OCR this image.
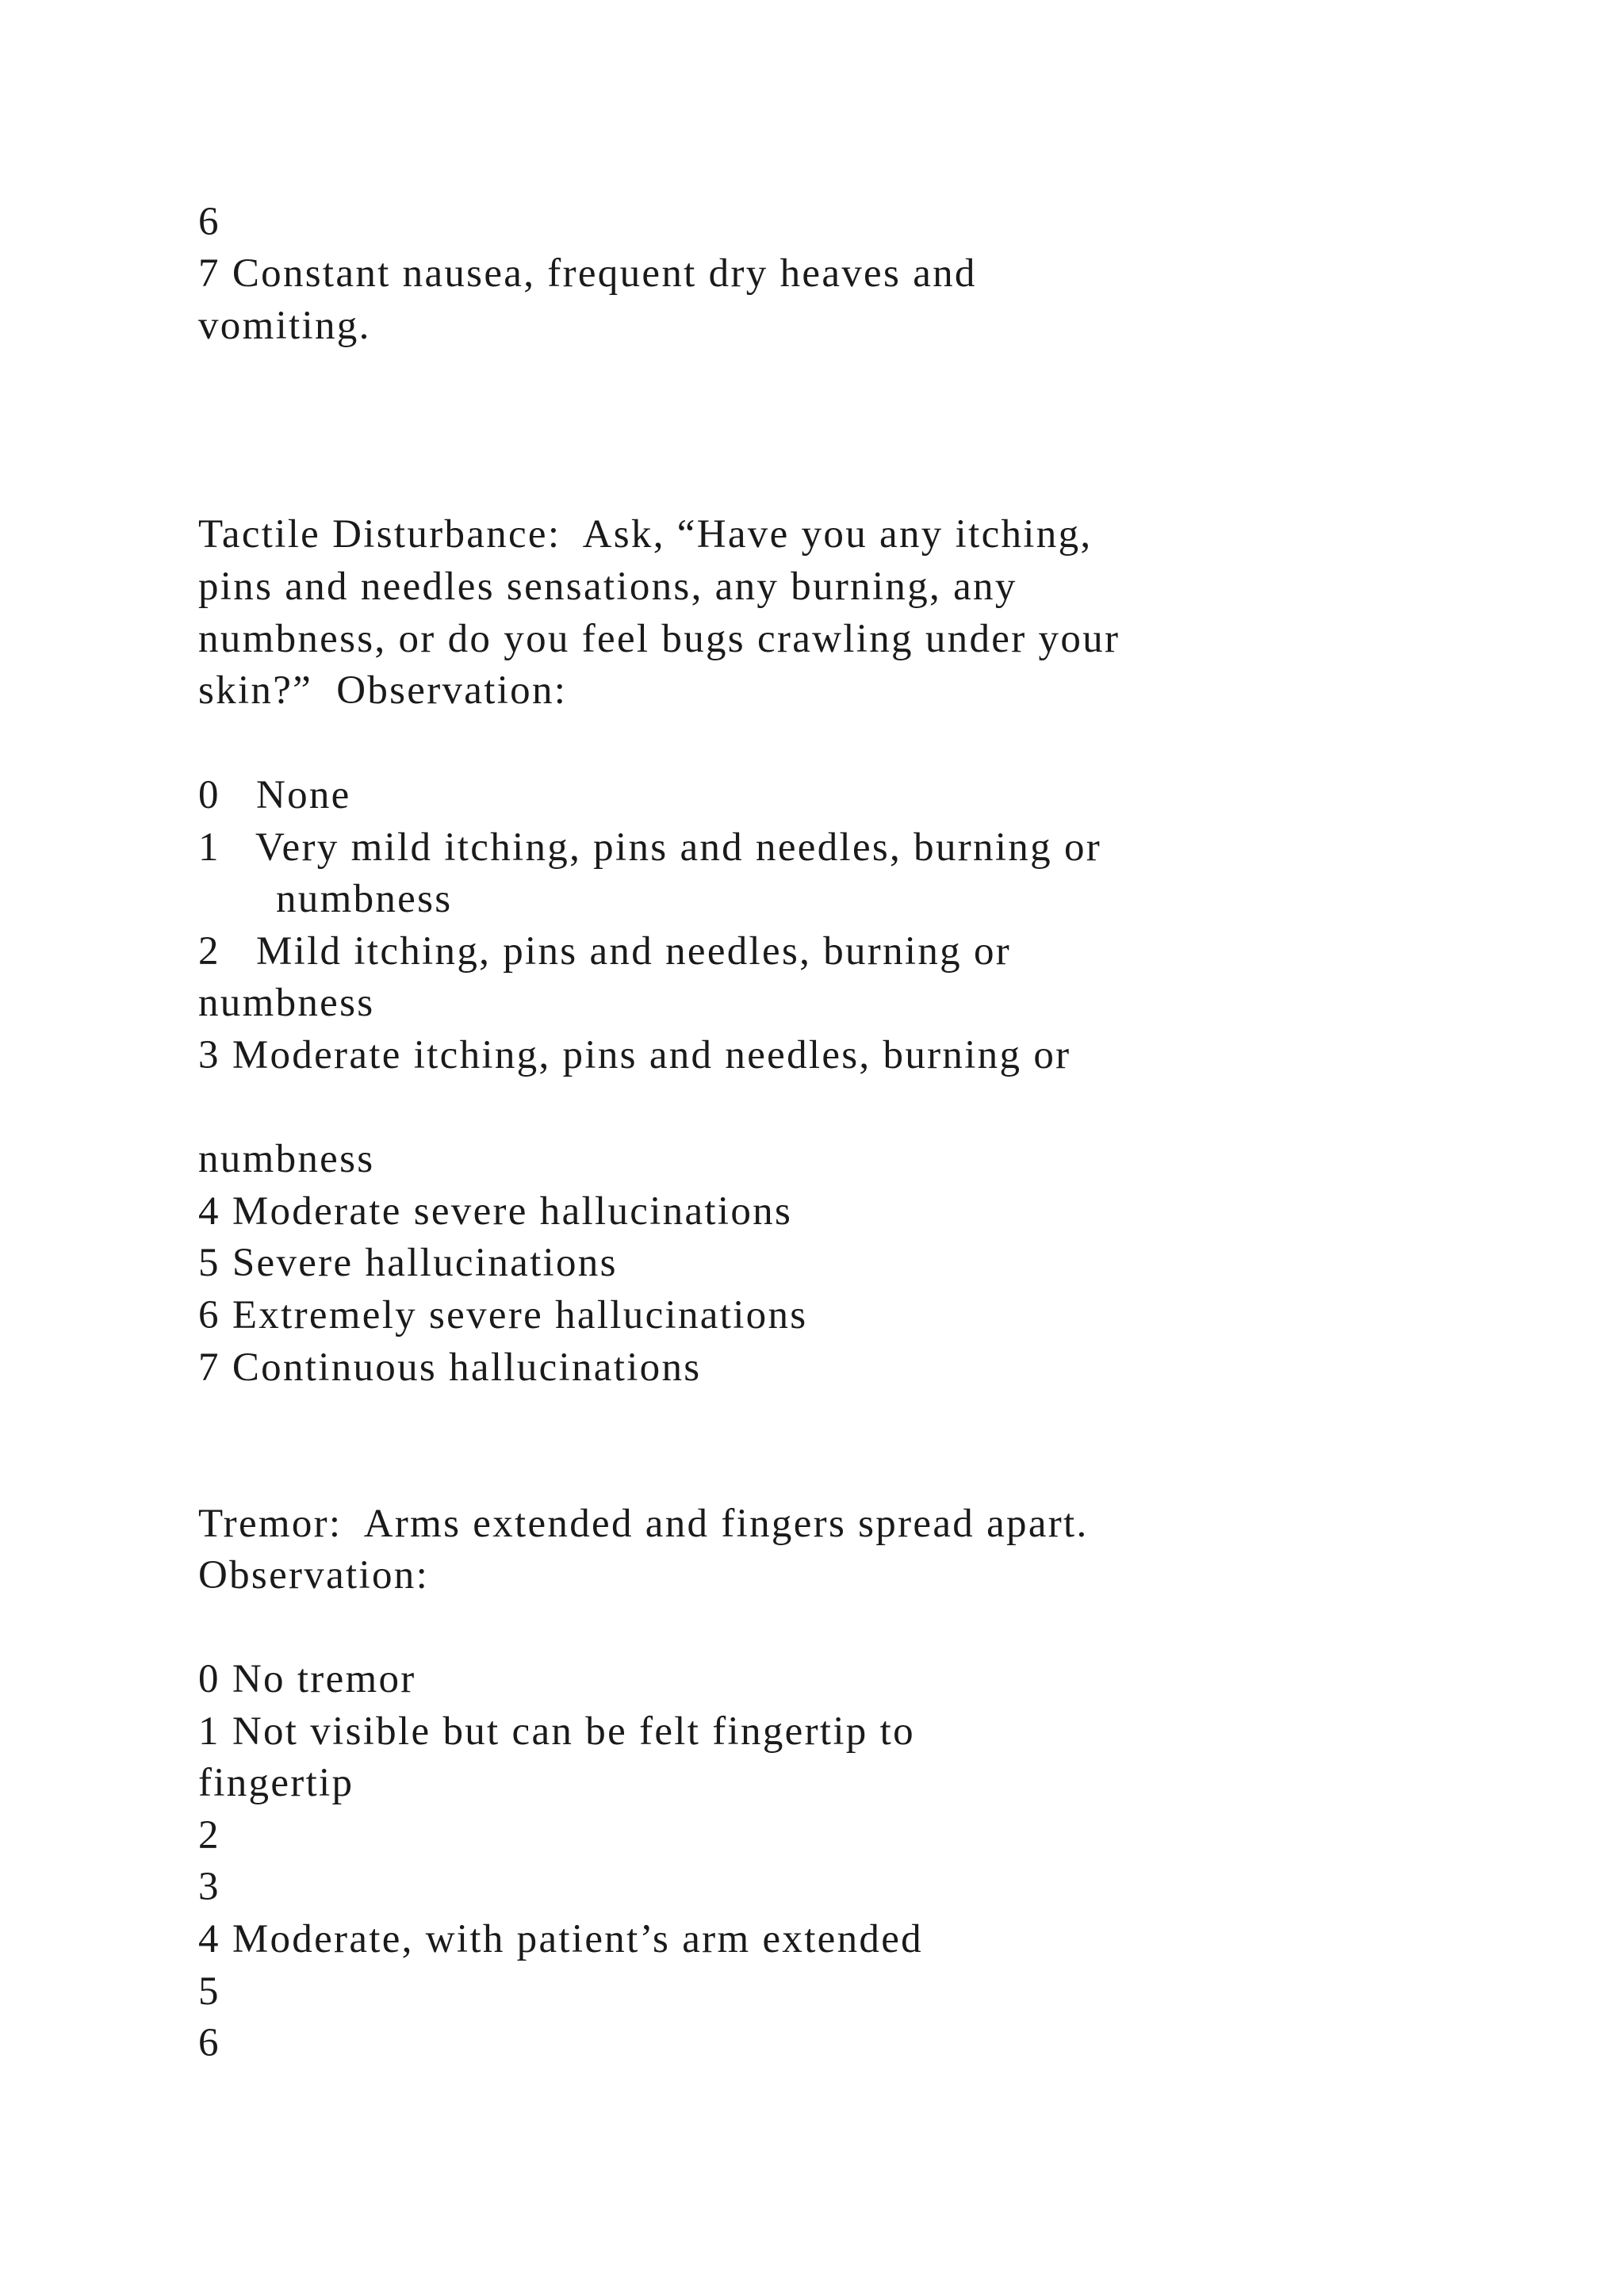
6
7 Constant nausea, frequent dry heaves and
vomiting.
Tactile Disturbance:  Ask, “Have you any itching,
pins and needles sensations, any burning, any
numbness, or do you feel bugs crawling under your
skin?”  Observation:
0   None
1   Very mild itching, pins and needles, burning or
numbness
2   Mild itching, pins and needles, burning or
numbness
3 Moderate itching, pins and needles, burning or
numbness
4 Moderate severe hallucinations
5 Severe hallucinations
6 Extremely severe hallucinations
7 Continuous hallucinations
Tremor:  Arms extended and fingers spread apart.
Observation:
0 No tremor
1 Not visible but can be felt fingertip to
fingertip
2
3
4 Moderate, with patient’s arm extended
5
6
